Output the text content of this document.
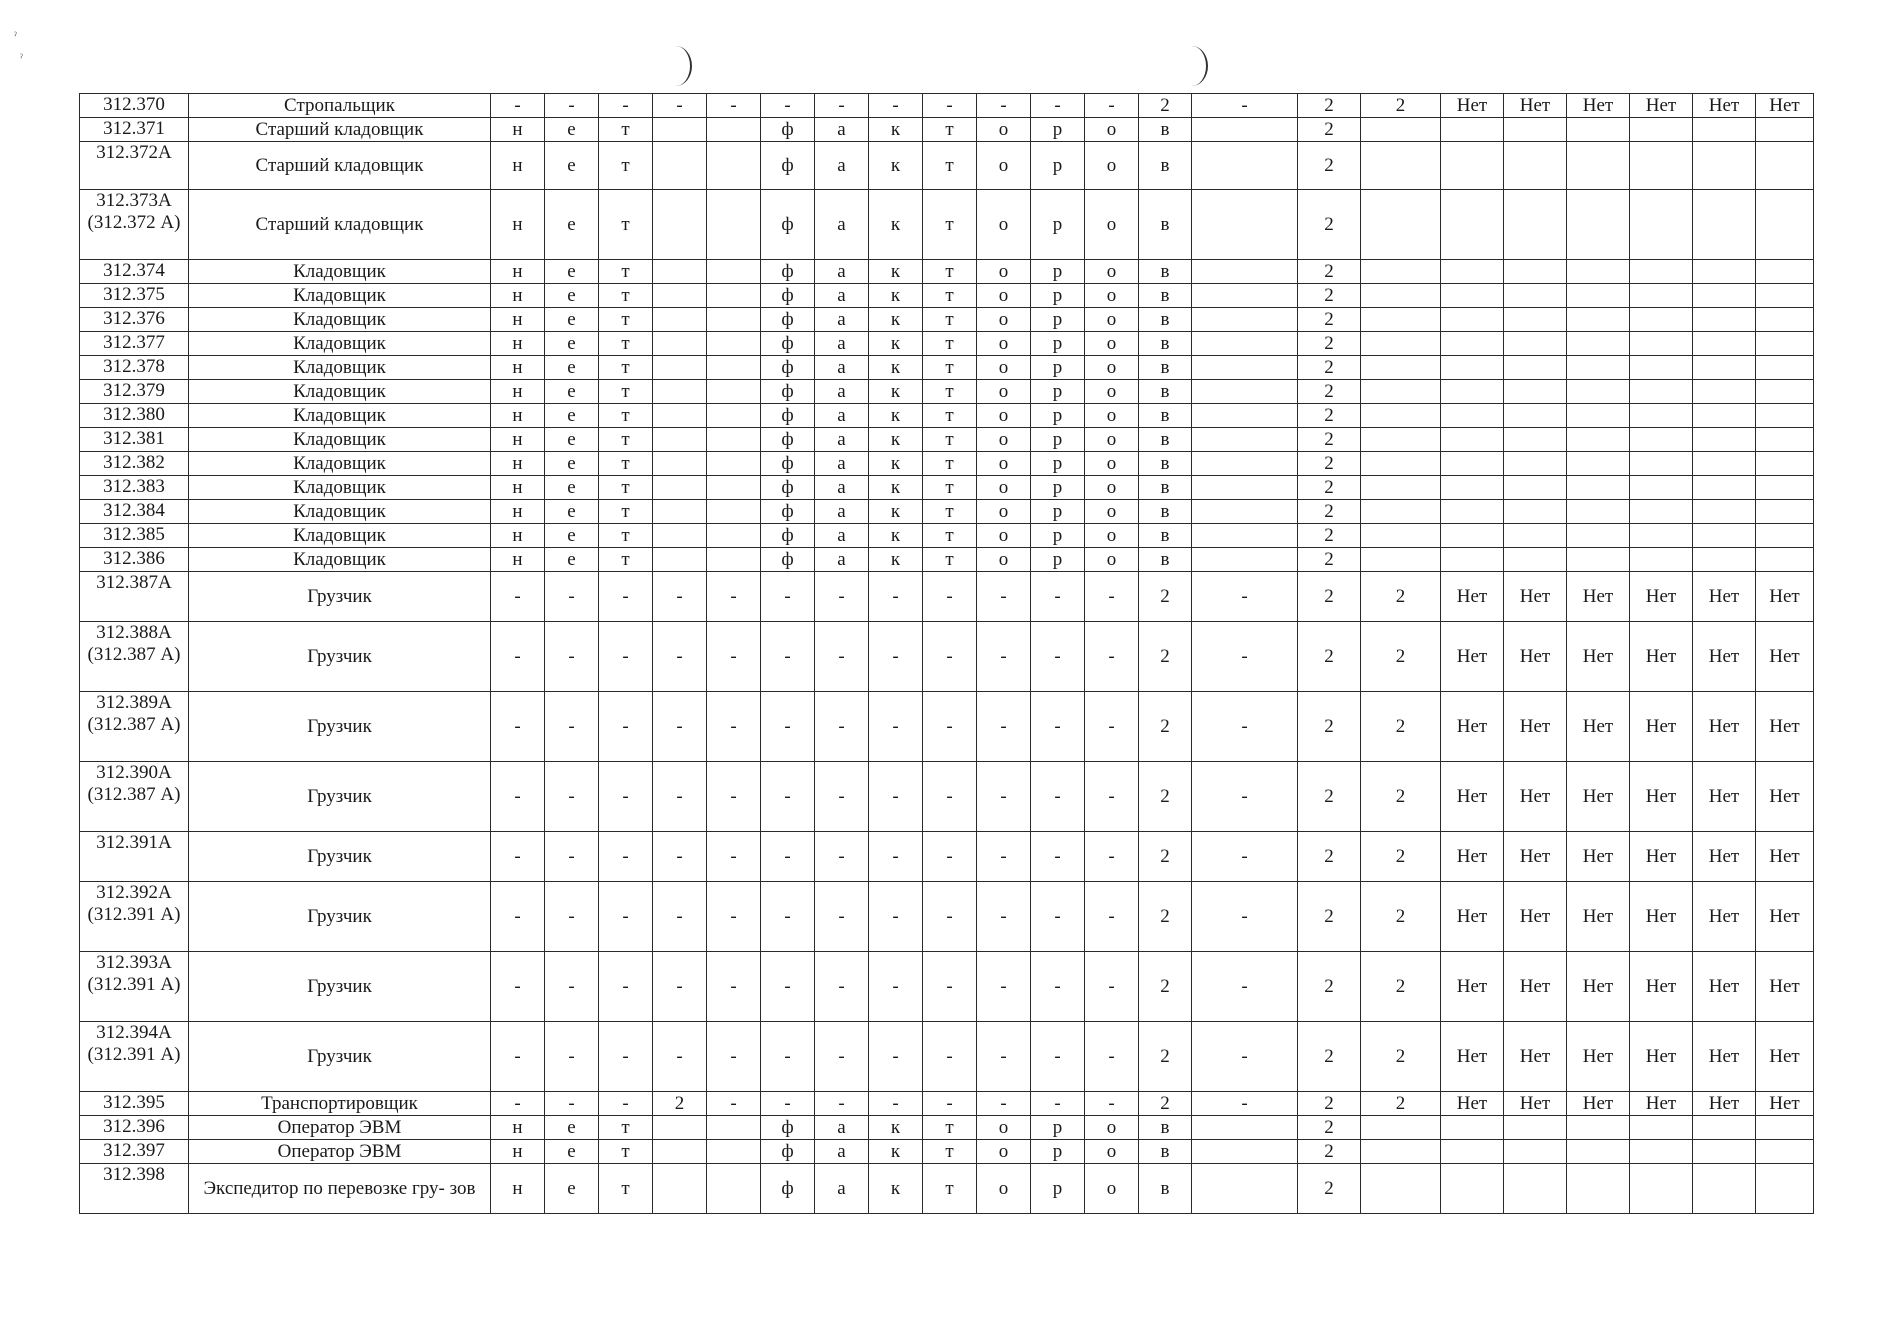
ˀ
ˀ
312.370	Стропальщик	-	-	-	-	-	-	-	-	-	-	-	-	2	-	2	2	Нет	Нет	Нет	Нет	Нет	Нет
312.371	Старший кладовщик	н	е	т			ф	а	к	т	о	р	о	в		2							
312.372А	Старший кладовщик	н	е	т			ф	а	к	т	о	р	о	в		2							
312.373А (312.372 А)	Старший кладовщик	н	е	т			ф	а	к	т	о	р	о	в		2							
312.374	Кладовщик	н	е	т			ф	а	к	т	о	р	о	в		2							
312.375	Кладовщик	н	е	т			ф	а	к	т	о	р	о	в		2							
312.376	Кладовщик	н	е	т			ф	а	к	т	о	р	о	в		2							
312.377	Кладовщик	н	е	т			ф	а	к	т	о	р	о	в		2							
312.378	Кладовщик	н	е	т			ф	а	к	т	о	р	о	в		2							
312.379	Кладовщик	н	е	т			ф	а	к	т	о	р	о	в		2							
312.380	Кладовщик	н	е	т			ф	а	к	т	о	р	о	в		2							
312.381	Кладовщик	н	е	т			ф	а	к	т	о	р	о	в		2							
312.382	Кладовщик	н	е	т			ф	а	к	т	о	р	о	в		2							
312.383	Кладовщик	н	е	т			ф	а	к	т	о	р	о	в		2							
312.384	Кладовщик	н	е	т			ф	а	к	т	о	р	о	в		2							
312.385	Кладовщик	н	е	т			ф	а	к	т	о	р	о	в		2							
312.386	Кладовщик	н	е	т			ф	а	к	т	о	р	о	в		2							
312.387А	Грузчик	-	-	-	-	-	-	-	-	-	-	-	-	2	-	2	2	Нет	Нет	Нет	Нет	Нет	Нет
312.388А (312.387 А)	Грузчик	-	-	-	-	-	-	-	-	-	-	-	-	2	-	2	2	Нет	Нет	Нет	Нет	Нет	Нет
312.389А (312.387 А)	Грузчик	-	-	-	-	-	-	-	-	-	-	-	-	2	-	2	2	Нет	Нет	Нет	Нет	Нет	Нет
312.390А (312.387 А)	Грузчик	-	-	-	-	-	-	-	-	-	-	-	-	2	-	2	2	Нет	Нет	Нет	Нет	Нет	Нет
312.391А	Грузчик	-	-	-	-	-	-	-	-	-	-	-	-	2	-	2	2	Нет	Нет	Нет	Нет	Нет	Нет
312.392А (312.391 А)	Грузчик	-	-	-	-	-	-	-	-	-	-	-	-	2	-	2	2	Нет	Нет	Нет	Нет	Нет	Нет
312.393А (312.391 А)	Грузчик	-	-	-	-	-	-	-	-	-	-	-	-	2	-	2	2	Нет	Нет	Нет	Нет	Нет	Нет
312.394А (312.391 А)	Грузчик	-	-	-	-	-	-	-	-	-	-	-	-	2	-	2	2	Нет	Нет	Нет	Нет	Нет	Нет
312.395	Транспортировщик	-	-	-	2	-	-	-	-	-	-	-	-	2	-	2	2	Нет	Нет	Нет	Нет	Нет	Нет
312.396	Оператор ЭВМ	н	е	т			ф	а	к	т	о	р	о	в		2							
312.397	Оператор ЭВМ	н	е	т			ф	а	к	т	о	р	о	в		2							
312.398	Экспедитор по перевозке гру- зов	н	е	т			ф	а	к	т	о	р	о	в		2							
